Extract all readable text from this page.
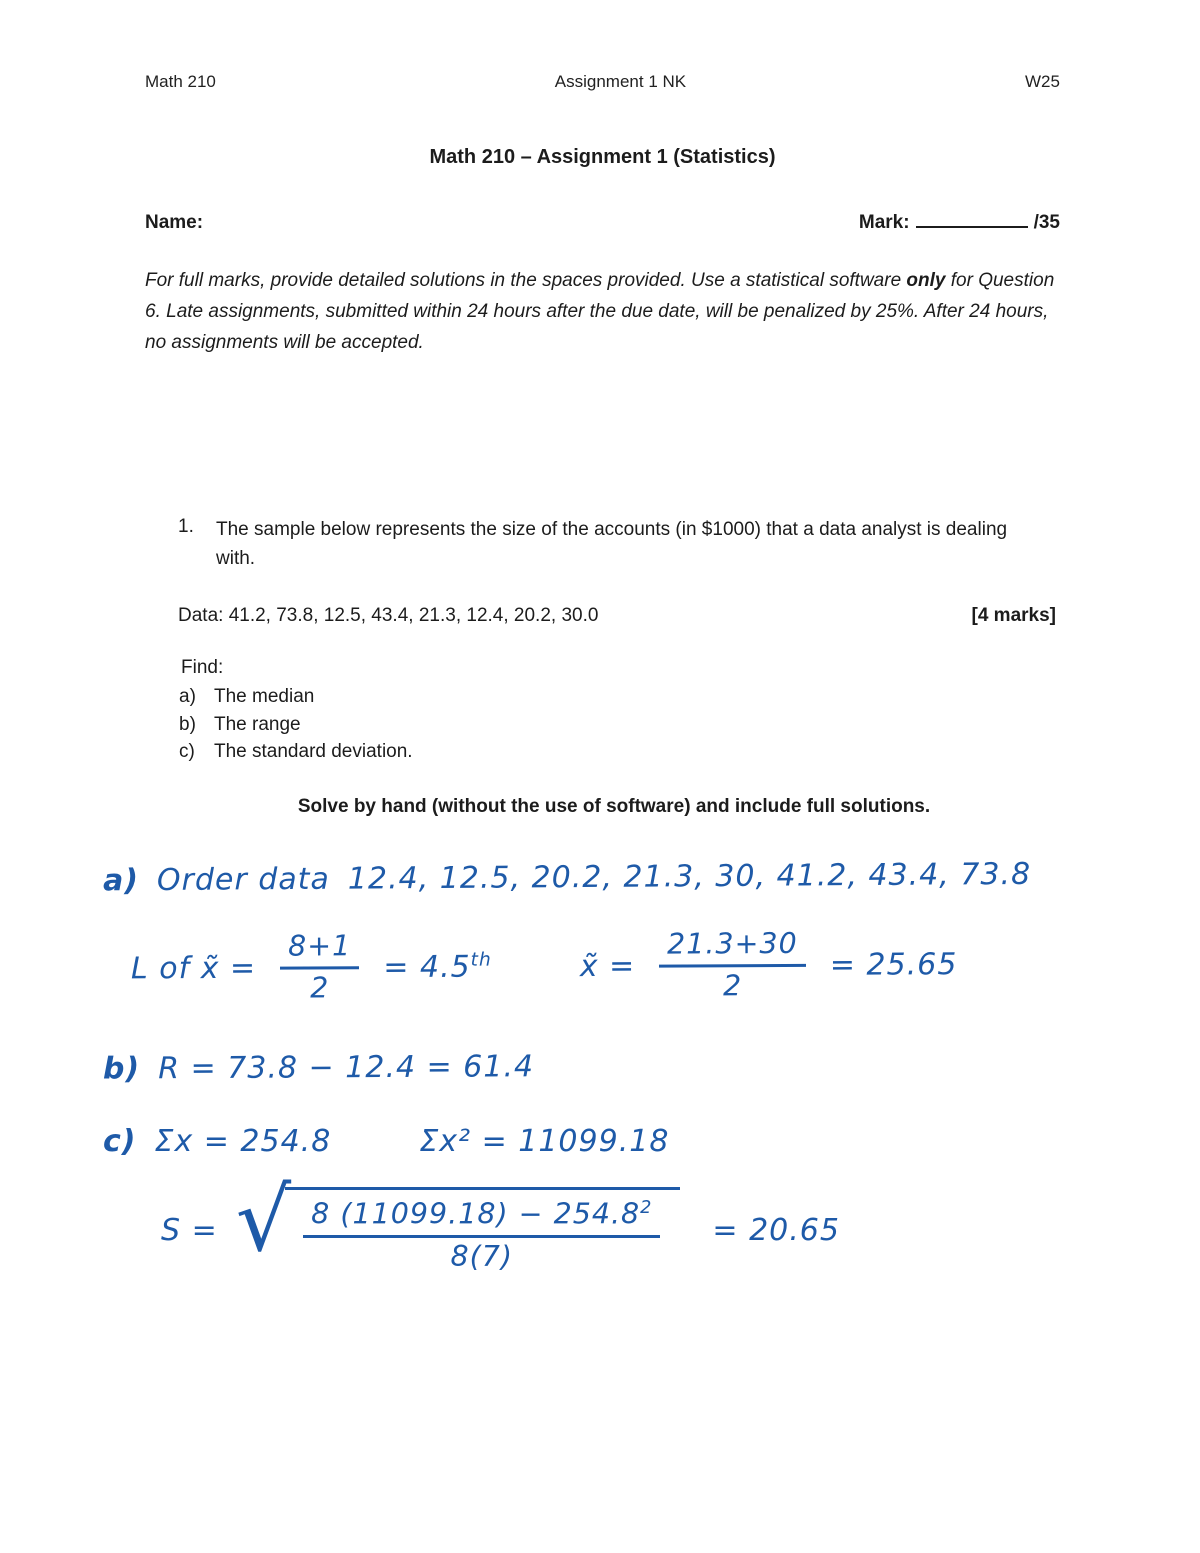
Math 210	Assignment 1 NK	W25
Math 210 – Assignment 1 (Statistics)
Name:	Mark:	/35

For full marks, provide detailed solutions in the spaces provided. Use a statistical software only for Question 6. Late assignments, submitted within 24 hours after the due date, will be penalized by 25%. After 24 hours, no assignments will be accepted.

1.	The sample below represents the size of the accounts (in $1000) that a data analyst is dealing with.
Data: 41.2, 73.8, 12.5, 43.4, 21.3, 12.4, 20.2, 30.0	[4 marks]
Find:
a) The median
b) The range
c)	The standard deviation.
Solve by hand (without the use of software) and include full solutions.
a) Order data 12.4, 12.5, 20.2, 21.3, 30, 41.2, 43.4, 73.8
L of x̃ = $\frac{8+1}{2} = 4.5th$	x̃ = $\frac{21.3+30}{2} = 25.65$
b) R = 73.8 − 12.4 = 61.4
c) Σx = 254.8	Σx² = 11099.18
S = √ $\frac{8 (11099.18) - 254.8^2}{8(7)} = 20.65$
